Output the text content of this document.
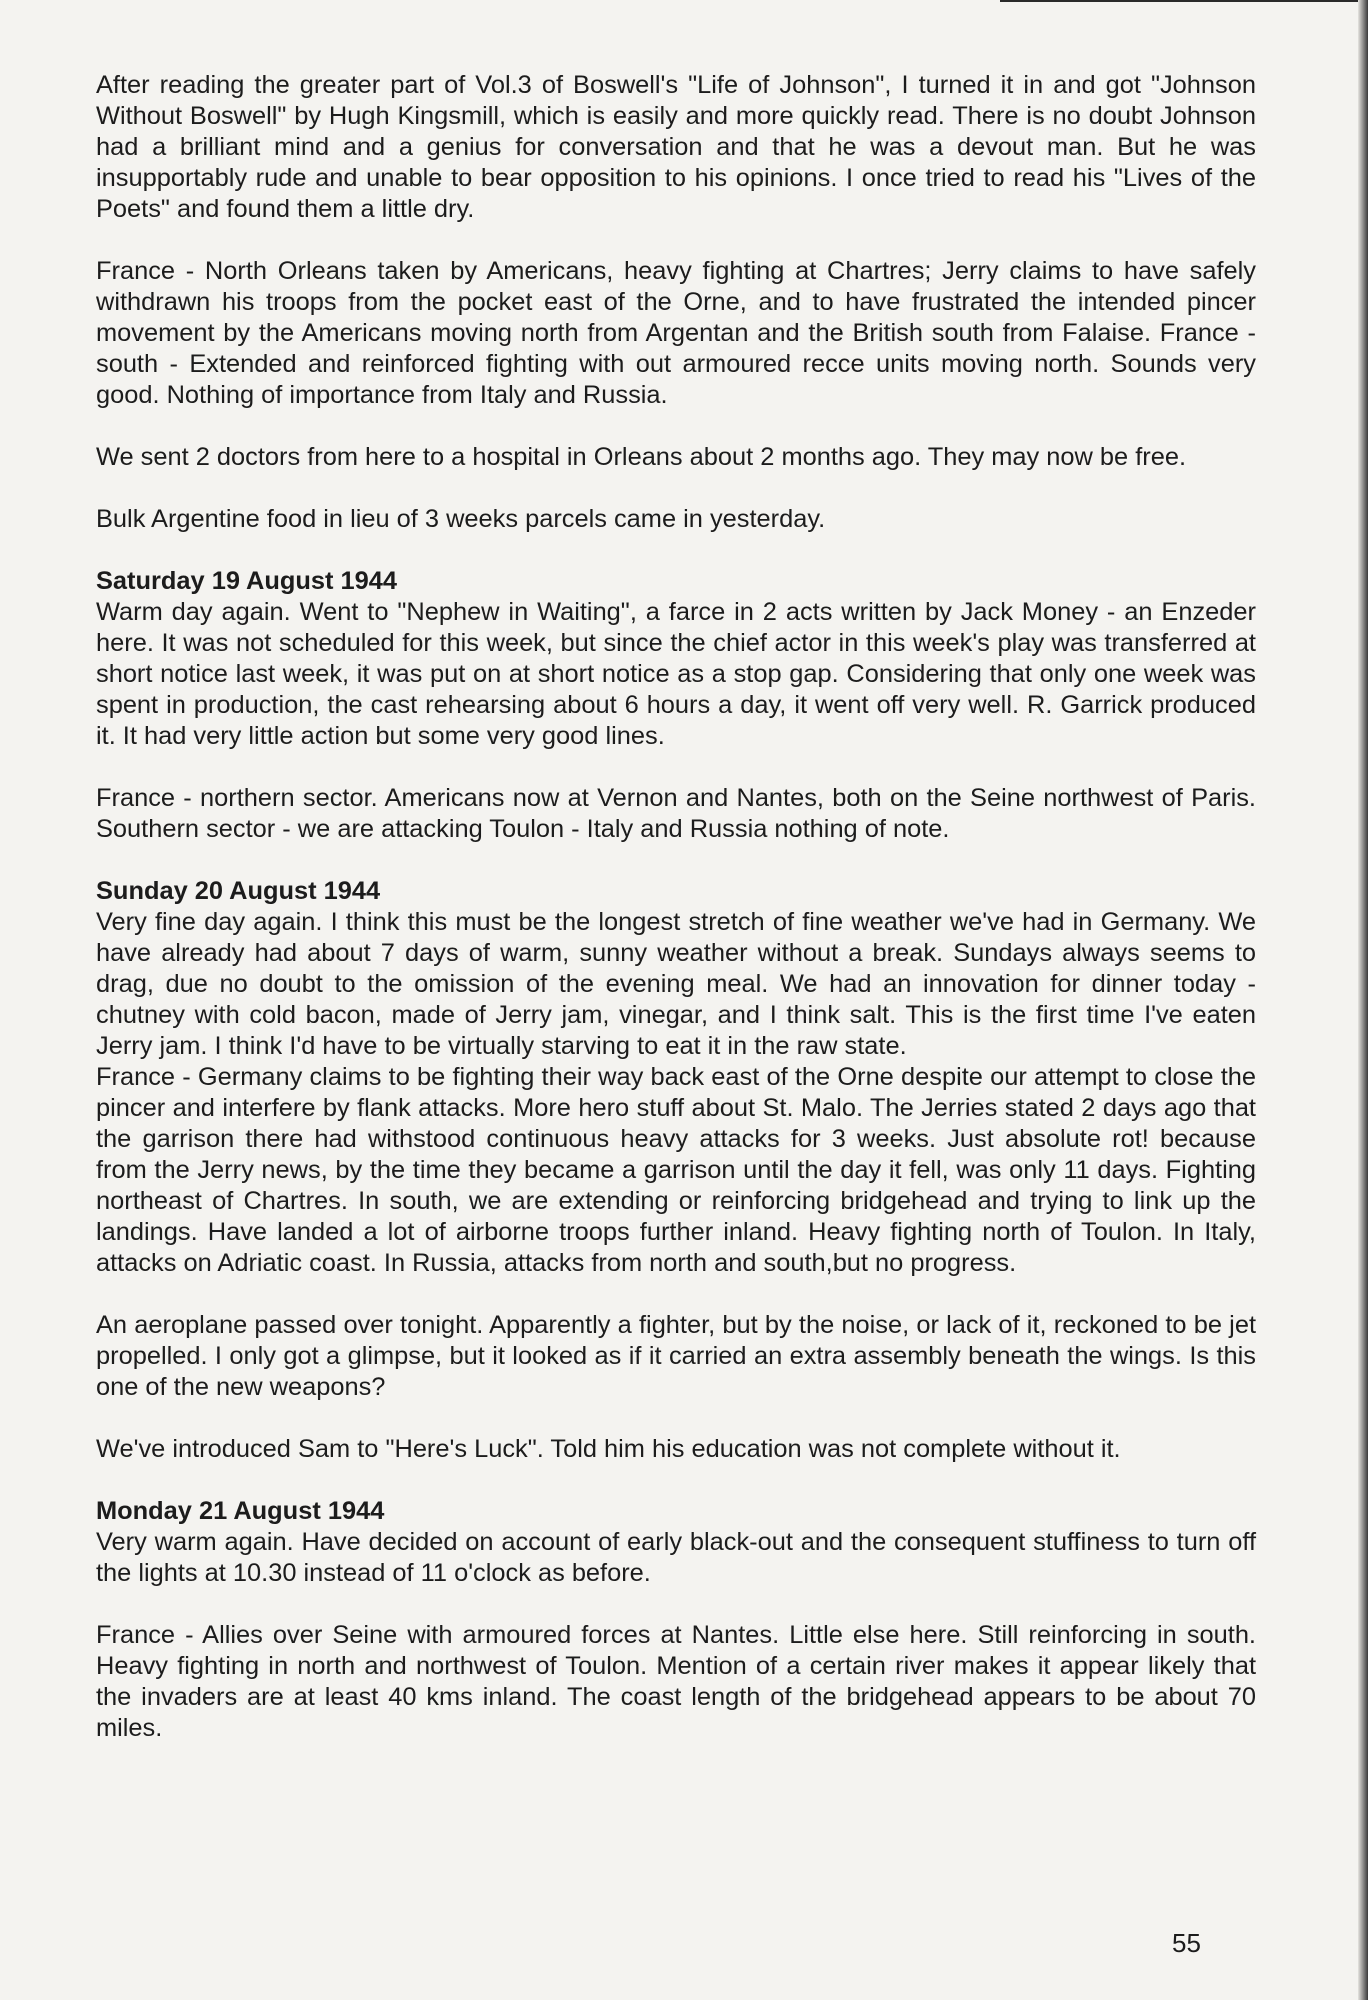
After reading the greater part of Vol.3 of Boswell's "Life of Johnson", I turned it in and got "Johnson Without Boswell" by Hugh Kingsmill, which is easily and more quickly read. There is no doubt Johnson had a brilliant mind and a genius for conversation and that he was a devout man. But he was insupportably rude and unable to bear opposition to his opinions. I once tried to read his "Lives of the Poets" and found them a little dry.

France - North Orleans taken by Americans, heavy fighting at Chartres; Jerry claims to have safely withdrawn his troops from the pocket east of the Orne, and to have frustrated the intended pincer movement by the Americans moving north from Argentan and the British south from Falaise. France - south - Extended and reinforced fighting with out armoured recce units moving north. Sounds very good. Nothing of importance from Italy and Russia.

We sent 2 doctors from here to a hospital in Orleans about 2 months ago. They may now be free.

Bulk Argentine food in lieu of 3 weeks parcels came in yesterday.

Saturday 19 August 1944

Warm day again. Went to "Nephew in Waiting", a farce in 2 acts written by Jack Money - an Enzeder here. It was not scheduled for this week, but since the chief actor in this week's play was transferred at short notice last week, it was put on at short notice as a stop gap. Considering that only one week was spent in production, the cast rehearsing about 6 hours a day, it went off very well. R. Garrick produced it. It had very little action but some very good lines.

France - northern sector. Americans now at Vernon and Nantes, both on the Seine northwest of Paris. Southern sector - we are attacking Toulon - Italy and Russia nothing of note.

Sunday 20 August 1944

Very fine day again. I think this must be the longest stretch of fine weather we've had in Germany. We have already had about 7 days of warm, sunny weather without a break. Sundays always seems to drag, due no doubt to the omission of the evening meal. We had an innovation for dinner today - chutney with cold bacon, made of Jerry jam, vinegar, and I think salt. This is the first time I've eaten Jerry jam. I think I'd have to be virtually starving to eat it in the raw state.

France - Germany claims to be fighting their way back east of the Orne despite our attempt to close the pincer and interfere by flank attacks. More hero stuff about St. Malo. The Jerries stated 2 days ago that the garrison there had withstood continuous heavy attacks for 3 weeks. Just absolute rot! because from the Jerry news, by the time they became a garrison until the day it fell, was only 11 days. Fighting northeast of Chartres. In south, we are extending or reinforcing bridgehead and trying to link up the landings. Have landed a lot of airborne troops further inland. Heavy fighting north of Toulon. In Italy, attacks on Adriatic coast. In Russia, attacks from north and south,but no progress.

An aeroplane passed over tonight. Apparently a fighter, but by the noise, or lack of it, reckoned to be jet propelled. I only got a glimpse, but it looked as if it carried an extra assembly beneath the wings. Is this one of the new weapons?

We've introduced Sam to "Here's Luck". Told him his education was not complete without it.

Monday 21 August 1944

Very warm again. Have decided on account of early black-out and the consequent stuffiness to turn off the lights at 10.30 instead of 11 o'clock as before.

France - Allies over Seine with armoured forces at Nantes. Little else here. Still reinforcing in south. Heavy fighting in north and northwest of Toulon. Mention of a certain river makes it appear likely that the invaders are at least 40 kms inland. The coast length of the bridgehead appears to be about 70 miles.

55
